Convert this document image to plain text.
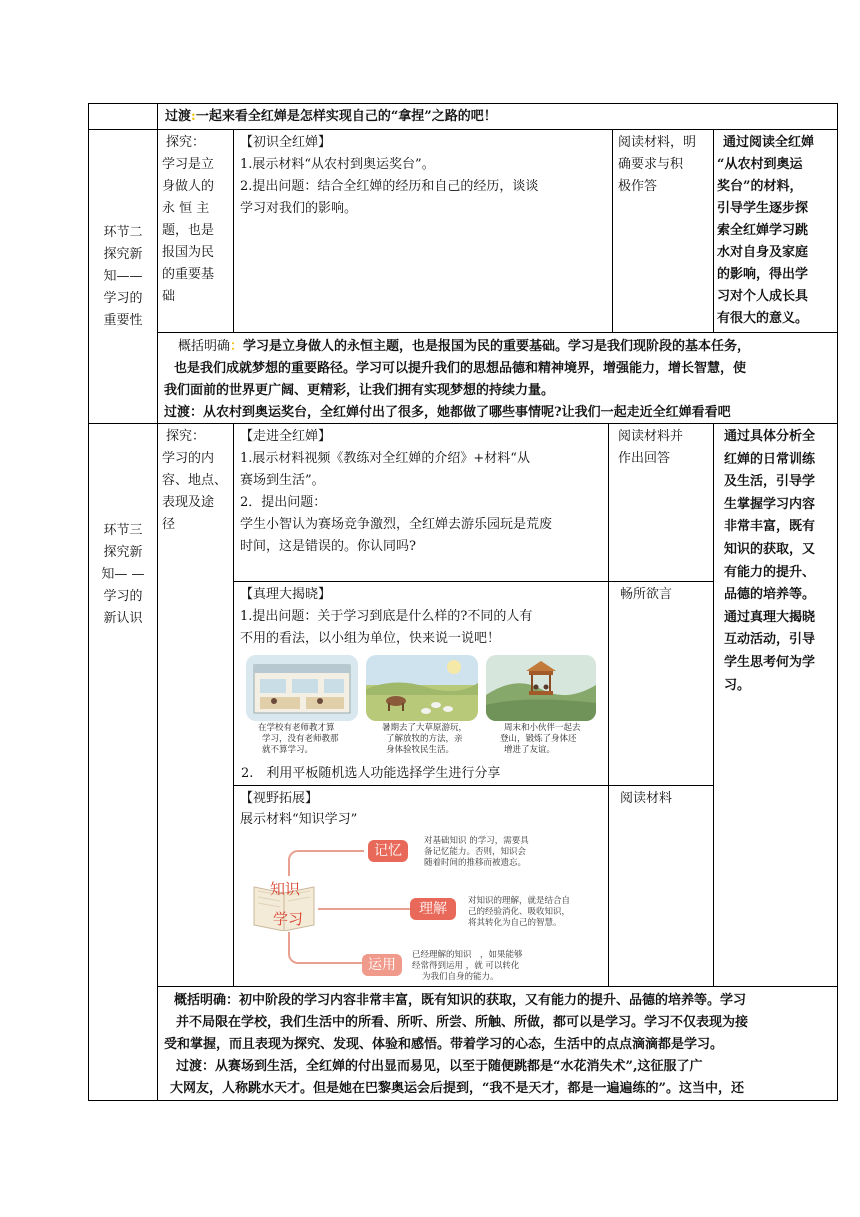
过渡:一起来看全红婵是怎样实现自己的“拿捏”之路的吧！
环节二
探究新
知——
学习的
重要性
探究：
学习是立
身做人的
永 恒 主
题，也是
报国为民
的重要基
础
【初识全红婵】
1.展示材料“从农村到奥运奖台”。
2.提出问题：结合全红婵的经历和自己的经历，谈谈
学习对我们的影响。
阅读材料，明
确要求与积
极作答
通过阅读全红婵
“从农村到奥运
奖台”的材料，
引导学生逐步探
索全红婵学习跳
水对自身及家庭
的影响，得出学
习对个人成长具
有很大的意义。
概括明确：学习是立身做人的永恒主题，也是报国为民的重要基础。学习是我们现阶段的基本任务，
也是我们成就梦想的重要路径。学习可以提升我们的思想品德和精神境界，增强能力，增长智慧，使
我们面前的世界更广阔、更精彩，让我们拥有实现梦想的持续力量。
过渡：从农村到奥运奖台，全红婵付出了很多，她都做了哪些事情呢?让我们一起走近全红婵看看吧
环节三
探究新
知— —
学习的
新认识
探究：
学习的内
容、地点、
表现及途
径
【走进全红婵】
1.展示材料视频《教练对全红婵的介绍》+材料“从
赛场到生活”。
2．提出问题：
学生小智认为赛场竞争激烈，全红婵去游乐园玩是荒废
时间，这是错误的。你认同吗?
阅读材料并
作出回答
【真理大揭晓】
1.提出问题：关于学习到底是什么样的?不同的人有
不用的看法，以小组为单位，快来说一说吧！
畅所欲言
在学校有老师教才算
学习，没有老师教那
就不算学习。
暑期去了大草原游玩，
了解放牧的方法，亲
身体验牧民生活。
周末和小伙伴一起去
登山，锻炼了身体还
增进了友谊。
2.　利用平板随机选人功能选择学生进行分享
【视野拓展】
展示材料“知识学习”
阅读材料
知识
学习
记忆
理解
运用
对基础知识 的学习，需要具
备记忆能力。否则，知识会
随着时间的推移而被遗忘。
对知识的理解，就是结合自
己的经验消化、吸收知识，
将其转化为自己的智慧。
已经理解的知识　，如果能够
经常得到运用 ，就 可以转化
为我们自身的能力。
通过具体分析全
红婵的日常训练
及生活，引导学
生掌握学习内容
非常丰富，既有
知识的获取，又
有能力的提升、
品德的培养等。
通过真理大揭晓
互动活动，引导
学生思考何为学
习。
概括明确：初中阶段的学习内容非常丰富，既有知识的获取，又有能力的提升、品德的培养等。学习
并不局限在学校，我们生活中的所看、所听、所尝、所触、所做，都可以是学习。学习不仅表现为接
受和掌握，而且表现为探究、发现、体验和感悟。带着学习的心态，生活中的点点滴滴都是学习。
过渡：从赛场到生活，全红婵的付出显而易见，以至于随便跳都是“水花消失术”,这征服了广
大网友，人称跳水天才。但是她在巴黎奥运会后提到，“我不是天才，都是一遍遍练的”。这当中，还
